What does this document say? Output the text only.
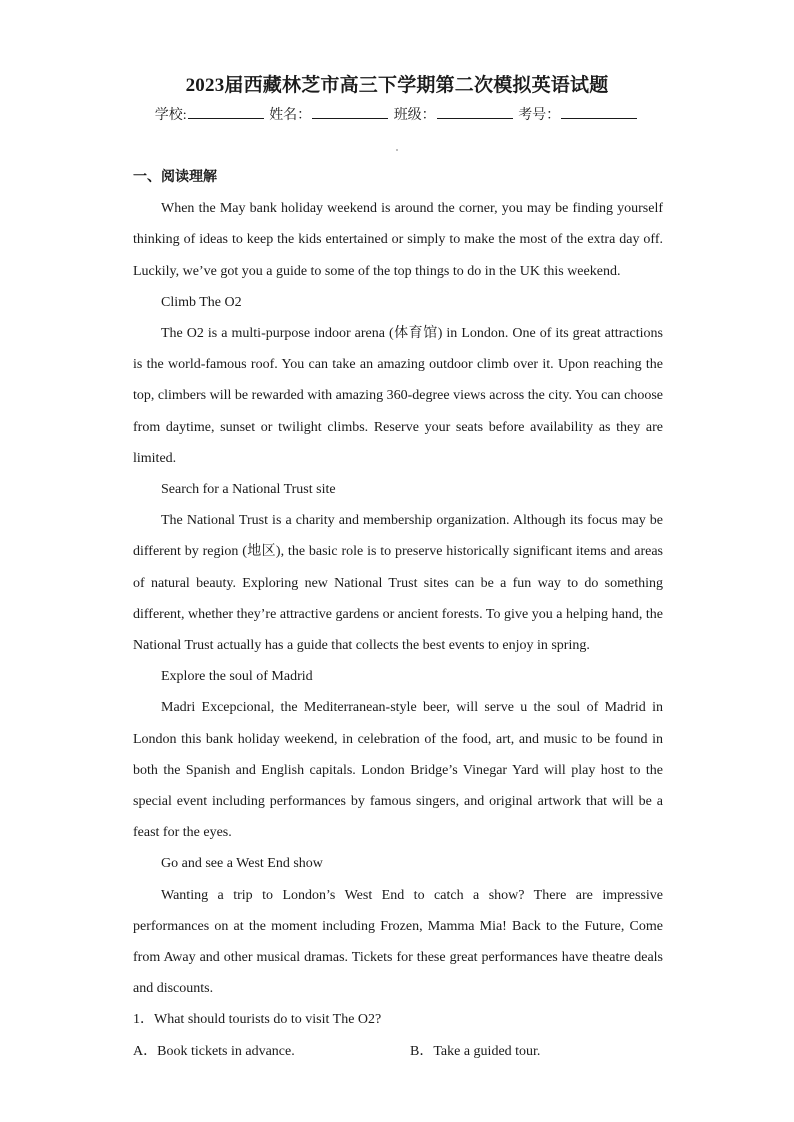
2023届西藏林芝市高三下学期第二次模拟英语试题
学校:	姓名：	班级：	考号：

一、阅读理解

When the May bank holiday weekend is around the corner, you may be finding yourself thinking of ideas to keep the kids entertained or simply to make the most of the extra day off. Luckily, we’ve got you a guide to some of the top things to do in the UK this weekend.

Climb The O2

The O2 is a multi-purpose indoor arena (体育馆) in London. One of its great attractions is the world-famous roof. You can take an amazing outdoor climb over it. Upon reaching the top, climbers will be rewarded with amazing 360-degree views across the city. You can choose from daytime, sunset or twilight climbs. Reserve your seats before availability as they are limited.

Search for a National Trust site

The National Trust is a charity and membership organization. Although its focus may be different by region (地区), the basic role is to preserve historically significant items and areas of natural beauty. Exploring new National Trust sites can be a fun way to do something different, whether they’re attractive gardens or ancient forests. To give you a helping hand, the National Trust actually has a guide that collects the best events to enjoy in spring.

Explore the soul of Madrid

Madri Excepcional, the Mediterranean-style beer, will serve u the soul of Madrid in London this bank holiday weekend, in celebration of the food, art, and music to be found in both the Spanish and English capitals. London Bridge’s Vinegar Yard will play host to the special event including performances by famous singers, and original artwork that will be a feast for the eyes.

Go and see a West End show

Wanting a trip to London’s West End to catch a show? There are impressive performances on at the moment including Frozen, Mamma Mia! Back to the Future, Come from Away and other musical dramas. Tickets for these great performances have theatre deals and discounts.

1．What should tourists do to visit The O2?

A．Book tickets in advance.	B．Take a guided tour.
